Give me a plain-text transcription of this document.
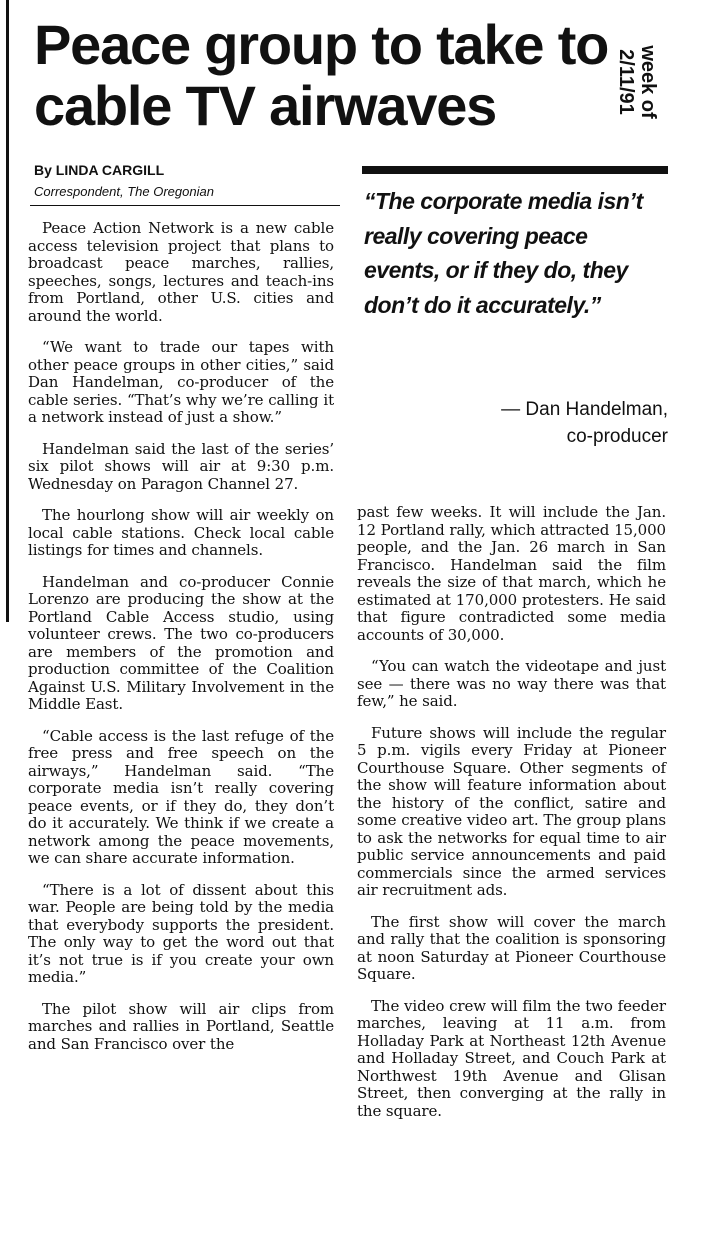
Peace group to take to cable TV airwaves	week of
2/11/91
By LINDA CARGILL
Correspondent, The Oregonian	“The corporate media isn’t really covering peace events, or if they do, they don’t do it accurately.”

— Dan Handelman,
co-producer

Peace Action Network is a new cable access television project that plans to broadcast peace marches, rallies, speeches, songs, lectures and teach-ins from Portland, other U.S. cities and around the world.

“We want to trade our tapes with other peace groups in other cities,” said Dan Handelman, co-producer of the cable series. “That’s why we’re calling it a network instead of just a show.”

Handelman said the last of the series’ six pilot shows will air at 9:30 p.m. Wednesday on Paragon Channel 27.

The hourlong show will air weekly on local cable stations. Check local cable listings for times and channels.

Handelman and co-producer Connie Lorenzo are producing the show at the Portland Cable Access studio, using volunteer crews. The two co-producers are members of the promotion and production committee of the Coalition Against U.S. Military Involvement in the Middle East.

“Cable access is the last refuge of the free press and free speech on the airways,” Handelman said. “The corporate media isn’t really covering peace events, or if they do, they don’t do it accurately. We think if we create a network among the peace movements, we can share accurate information.

“There is a lot of dissent about this war. People are being told by the media that everybody supports the president. The only way to get the word out that it’s not true is if you create your own media.”

The pilot show will air clips from marches and rallies in Portland, Seattle and San Francisco over the

past few weeks. It will include the Jan. 12 Portland rally, which attracted 15,000 people, and the Jan. 26 march in San Francisco. Handelman said the film reveals the size of that march, which he estimated at 170,000 protesters. He said that figure contradicted some media accounts of 30,000.

“You can watch the videotape and just see — there was no way there was that few,” he said.

Future shows will include the regular 5 p.m. vigils every Friday at Pioneer Courthouse Square. Other segments of the show will feature information about the history of the conflict, satire and some creative video art. The group plans to ask the networks for equal time to air public service announcements and paid commercials since the armed services air recruitment ads.

The first show will cover the march and rally that the coalition is sponsoring at noon Saturday at Pioneer Courthouse Square.

The video crew will film the two feeder marches, leaving at 11 a.m. from Holladay Park at Northeast 12th Avenue and Holladay Street, and Couch Park at Northwest 19th Avenue and Glisan Street, then converging at the rally in the square.
